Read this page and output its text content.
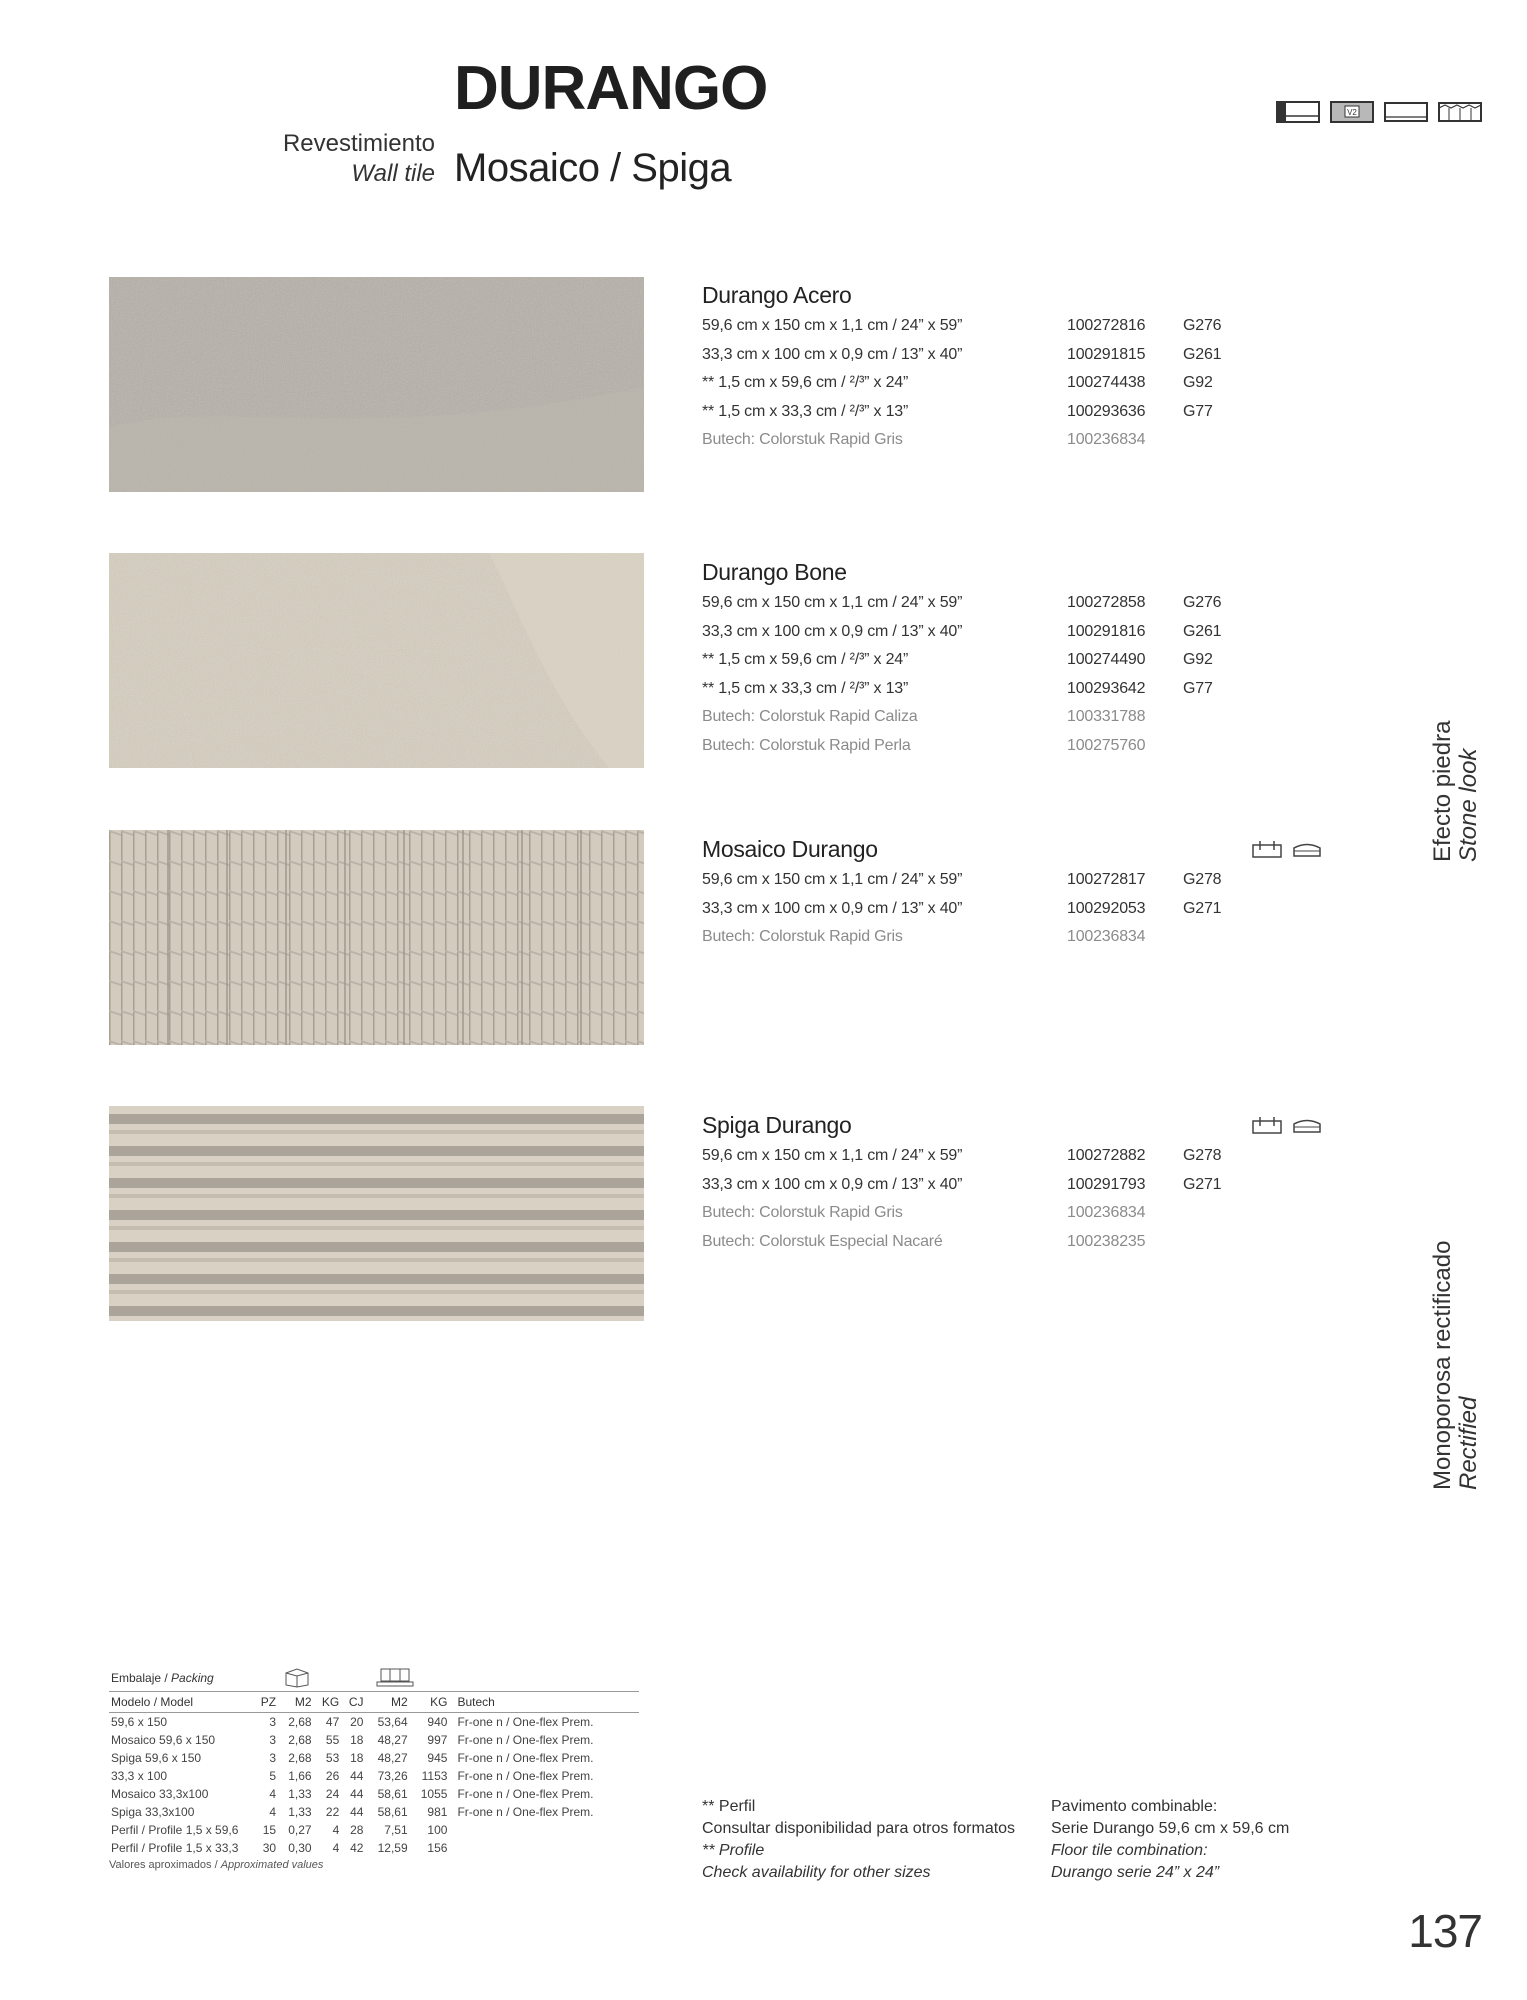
DURANGO
Revestimiento
Wall tile Mosaico / Spiga
V2
Durango Acero
59,6 cm x 150 cm x 1,1 cm / 24” x 59”	100272816	G276
33,3 cm x 100 cm x 0,9 cm / 13” x 40”	100291815	G261
** 1,5 cm x 59,6 cm / ²/³” x 24”	100274438	G92
** 1,5 cm x 33,3 cm / ²/³” x 13”	100293636	G77
Butech: Colorstuk Rapid Gris	100236834
Durango Bone
59,6 cm x 150 cm x 1,1 cm / 24” x 59”	100272858	G276
33,3 cm x 100 cm x 0,9 cm / 13” x 40”	100291816	G261
** 1,5 cm x 59,6 cm / ²/³” x 24”	100274490	G92
** 1,5 cm x 33,3 cm / ²/³” x 13”	100293642	G77
Butech: Colorstuk Rapid Caliza	100331788
Butech: Colorstuk Rapid Perla	100275760
Mosaico Durango
59,6 cm x 150 cm x 1,1 cm / 24” x 59”	100272817	G278
33,3 cm x 100 cm x 0,9 cm / 13” x 40”	100292053	G271
Butech: Colorstuk Rapid Gris	100236834
Spiga Durango
59,6 cm x 150 cm x 1,1 cm / 24” x 59”	100272882	G278
33,3 cm x 100 cm x 0,9 cm / 13” x 40”	100291793	G271
Butech: Colorstuk Rapid Gris	100236834
Butech: Colorstuk Especial Nacaré	100238235
Efecto piedra Stone look
Monoporosa rectificado Rectified
Embalaje / Packing			
Modelo / Model	PZ	M2	KG	CJ	M2	KG	Butech
59,6 x 150	3	2,68	47	20	53,64	940	Fr-one n / One-flex Prem.
Mosaico 59,6 x 150	3	2,68	55	18	48,27	997	Fr-one n / One-flex Prem.
Spiga 59,6 x 150	3	2,68	53	18	48,27	945	Fr-one n / One-flex Prem.
33,3 x 100	5	1,66	26	44	73,26	1153	Fr-one n / One-flex Prem.
Mosaico 33,3x100	4	1,33	24	44	58,61	1055	Fr-one n / One-flex Prem.
Spiga 33,3x100	4	1,33	22	44	58,61	981	Fr-one n / One-flex Prem.
Perfil / Profile 1,5 x 59,6	15	0,27	4	28	7,51	100	
Perfil / Profile 1,5 x 33,3	30	0,30	4	42	12,59	156	
Valores aproximados / Approximated values
** Perfil
Consultar disponibilidad para otros formatos
** Profile
Check availability for other sizes
Pavimento combinable:
Serie Durango 59,6 cm x 59,6 cm
Floor tile combination:
Durango serie 24” x 24”
137
